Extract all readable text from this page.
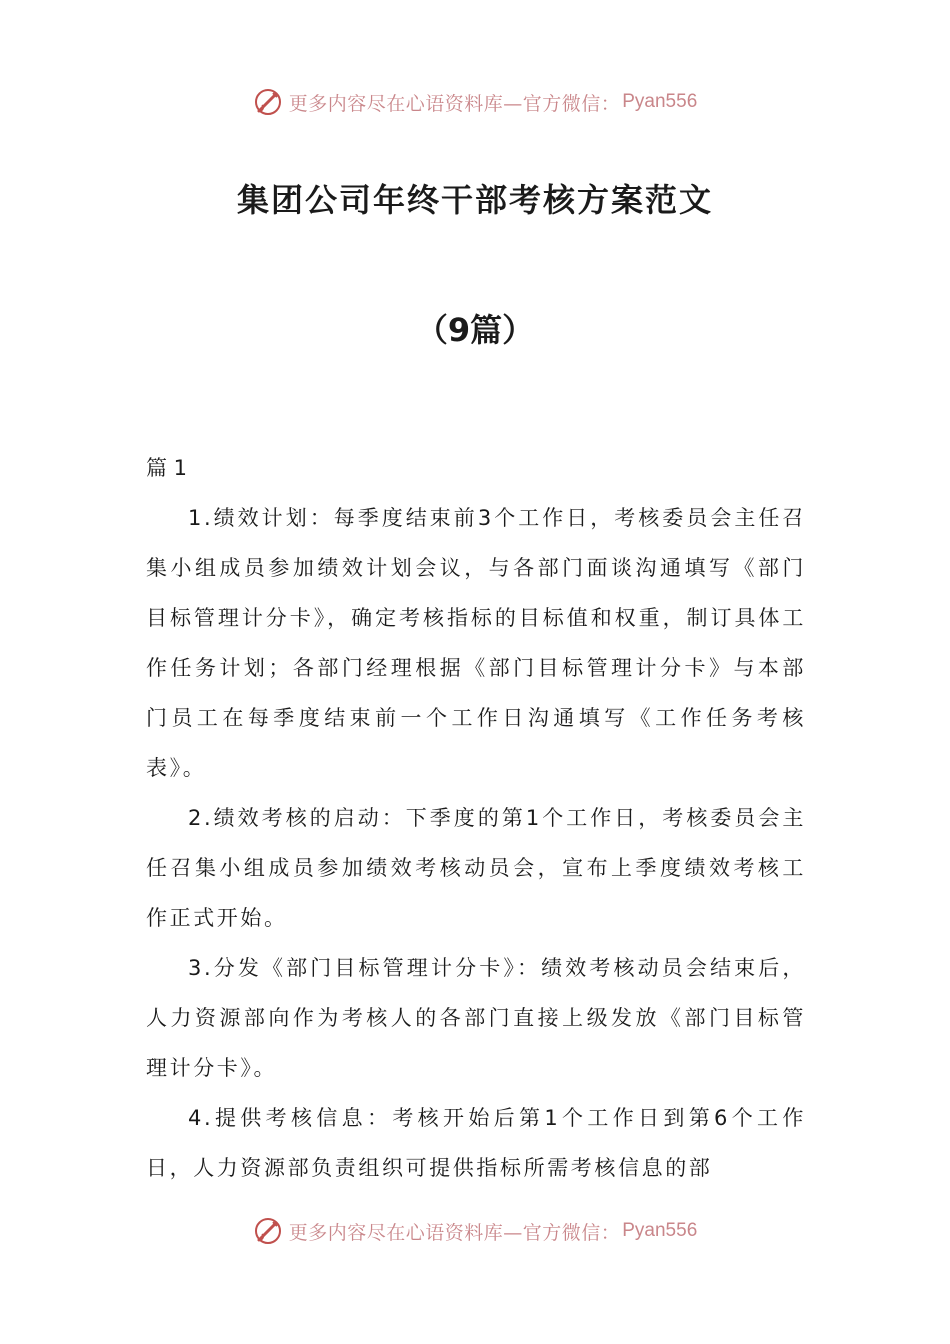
更多内容尽在心语资料库—官方微信： Pyan556
集团公司年终干部考核方案范文
（9篇）
篇 1

1.绩效计划：每季度结束前3个工作日，考核委员会主任召集小组成员参加绩效计划会议，与各部门面谈沟通填写《部门目标管理计分卡》，确定考核指标的目标值和权重，制订具体工作任务计划；各部门经理根据《部门目标管理计分卡》与本部门员工在每季度结束前一个工作日沟通填写《工作任务考核表》。

2.绩效考核的启动：下季度的第1个工作日，考核委员会主任召集小组成员参加绩效考核动员会，宣布上季度绩效考核工作正式开始。

3.分发《部门目标管理计分卡》：绩效考核动员会结束后，人力资源部向作为考核人的各部门直接上级发放《部门目标管理计分卡》。

4.提供考核信息：考核开始后第1个工作日到第6个工作日，人力资源部负责组织可提供指标所需考核信息的部

更多内容尽在心语资料库—官方微信： Pyan556
